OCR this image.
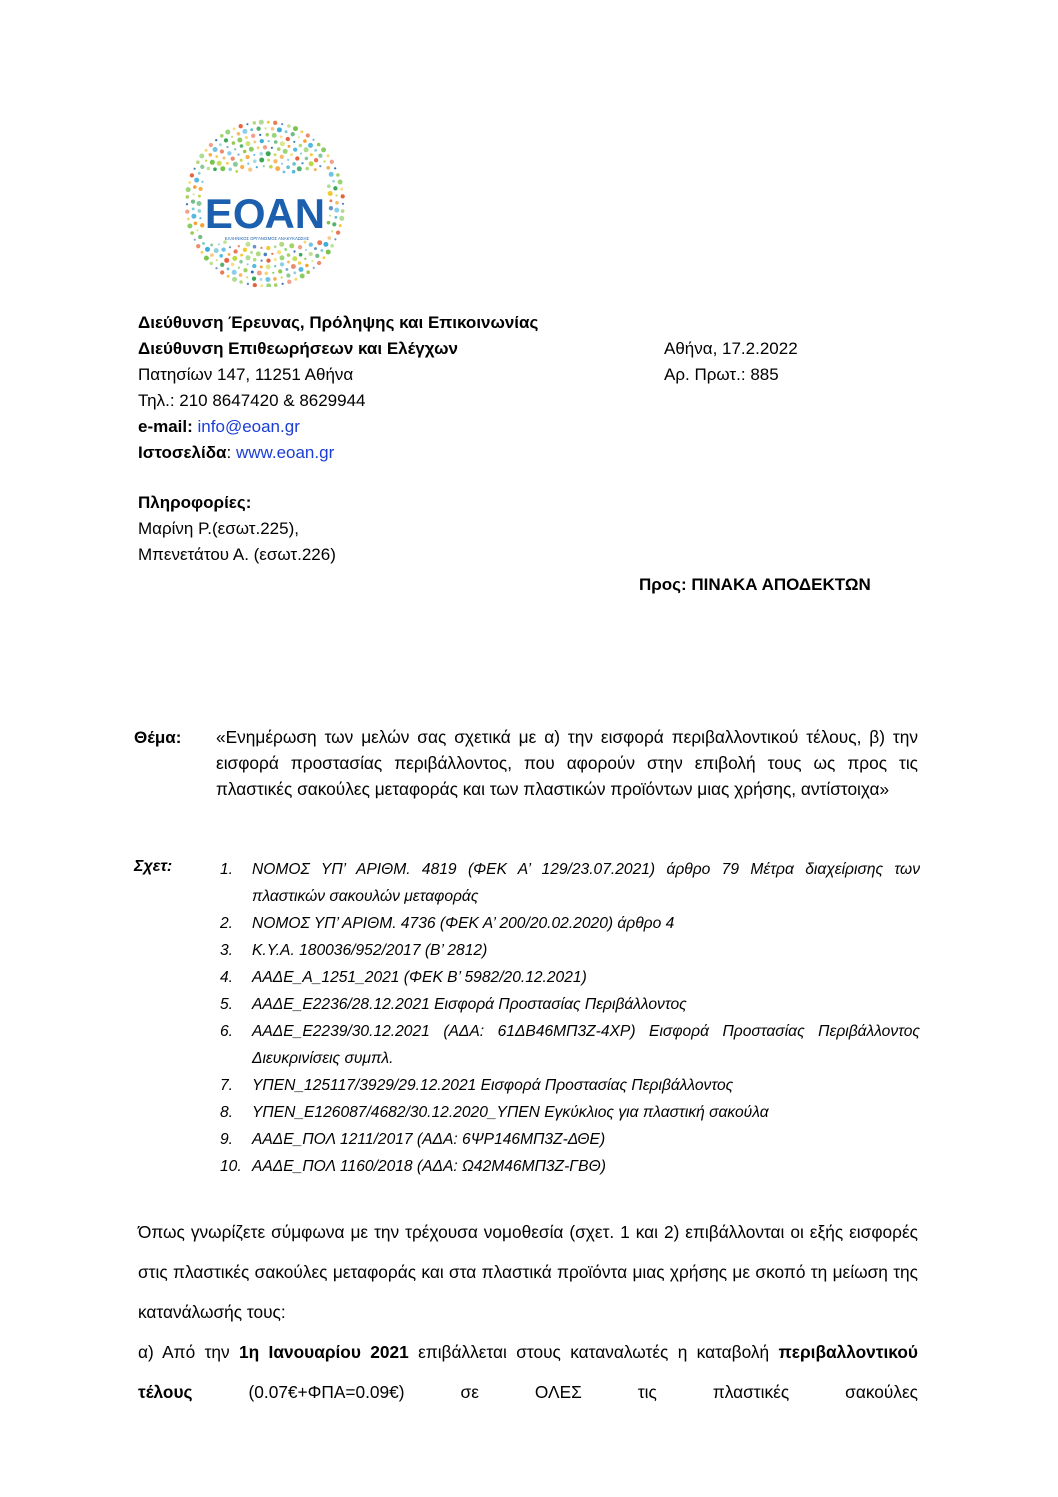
ΕΟΑΝ
ΕΛΛΗΝΙΚΟΣ ΟΡΓΑΝΙΣΜΟΣ ΑΝΑΚΥΚΛΩΣΗΣ
Διεύθυνση Έρευνας, Πρόληψης και Επικοινωνίας
Διεύθυνση Επιθεωρήσεων και Ελέγχων
Πατησίων 147, 11251 Αθήνα
Τηλ.: 210 8647420 & 8629944
e-mail: info@eoan.gr
Ιστοσελίδα: www.eoan.gr
Αθήνα, 17.2.2022
Αρ. Πρωτ.: 885
Πληροφορίες:
Μαρίνη Ρ.(εσωτ.225),
Μπενετάτου Α. (εσωτ.226)
Προς: ΠΙΝΑΚΑ ΑΠΟΔΕΚΤΩΝ
Θέμα: «Ενημέρωση των μελών σας σχετικά με α) την εισφορά περιβαλλοντικού τέλους, β) την εισφορά προστασίας περιβάλλοντος, που αφορούν στην επιβολή τους ως προς τις πλαστικές σακούλες μεταφοράς και των πλαστικών προϊόντων μιας χρήσης, αντίστοιχα»
Σχετ:	1. ΝΟΜΟΣ ΥΠ’ ΑΡΙΘΜ. 4819 (ΦΕΚ Α’ 129/23.07.2021) άρθρο 79 Μέτρα διαχείρισης των πλαστικών σακουλών μεταφοράς
2. ΝΟΜΟΣ ΥΠ’ ΑΡΙΘΜ. 4736 (ΦΕΚ Α’ 200/20.02.2020) άρθρο 4
3. Κ.Υ.Α. 180036/952/2017 (Β’ 2812)
4. ΑΑΔΕ_Α_1251_2021 (ΦΕΚ Β’ 5982/20.12.2021)
5. ΑΑΔΕ_Ε2236/28.12.2021 Εισφορά Προστασίας Περιβάλλοντος
6. ΑΑΔΕ_Ε2239/30.12.2021 (ΑΔΑ: 61ΔΒ46ΜΠ3Ζ-4ΧΡ) Εισφορά Προστασίας Περιβάλλοντος Διευκρινίσεις συμπλ.
7. ΥΠΕΝ_125117/3929/29.12.2021 Εισφορά Προστασίας Περιβάλλοντος
8. ΥΠΕΝ_Ε126087/4682/30.12.2020_ΥΠΕΝ Εγκύκλιος για πλαστική σακούλα
9. ΑΑΔΕ_ΠΟΛ 1211/2017 (ΑΔΑ: 6ΨΡ146ΜΠ3Ζ-ΔΘΕ)
10. ΑΑΔΕ_ΠΟΛ 1160/2018 (ΑΔΑ: Ω42Μ46ΜΠ3Ζ-ΓΒΘ)

Όπως γνωρίζετε σύμφωνα με την τρέχουσα νομοθεσία (σχετ. 1 και 2) επιβάλλονται οι εξής εισφορές στις πλαστικές σακούλες μεταφοράς και στα πλαστικά προϊόντα μιας χρήσης με σκοπό τη μείωση της κατανάλωσής τους:

α) Από την 1η Ιανουαρίου 2021 επιβάλλεται στους καταναλωτές η καταβολή περιβαλλοντικού τέλους (0.07€+ΦΠΑ=0.09€) σε ΟΛΕΣ τις πλαστικές σακούλες
